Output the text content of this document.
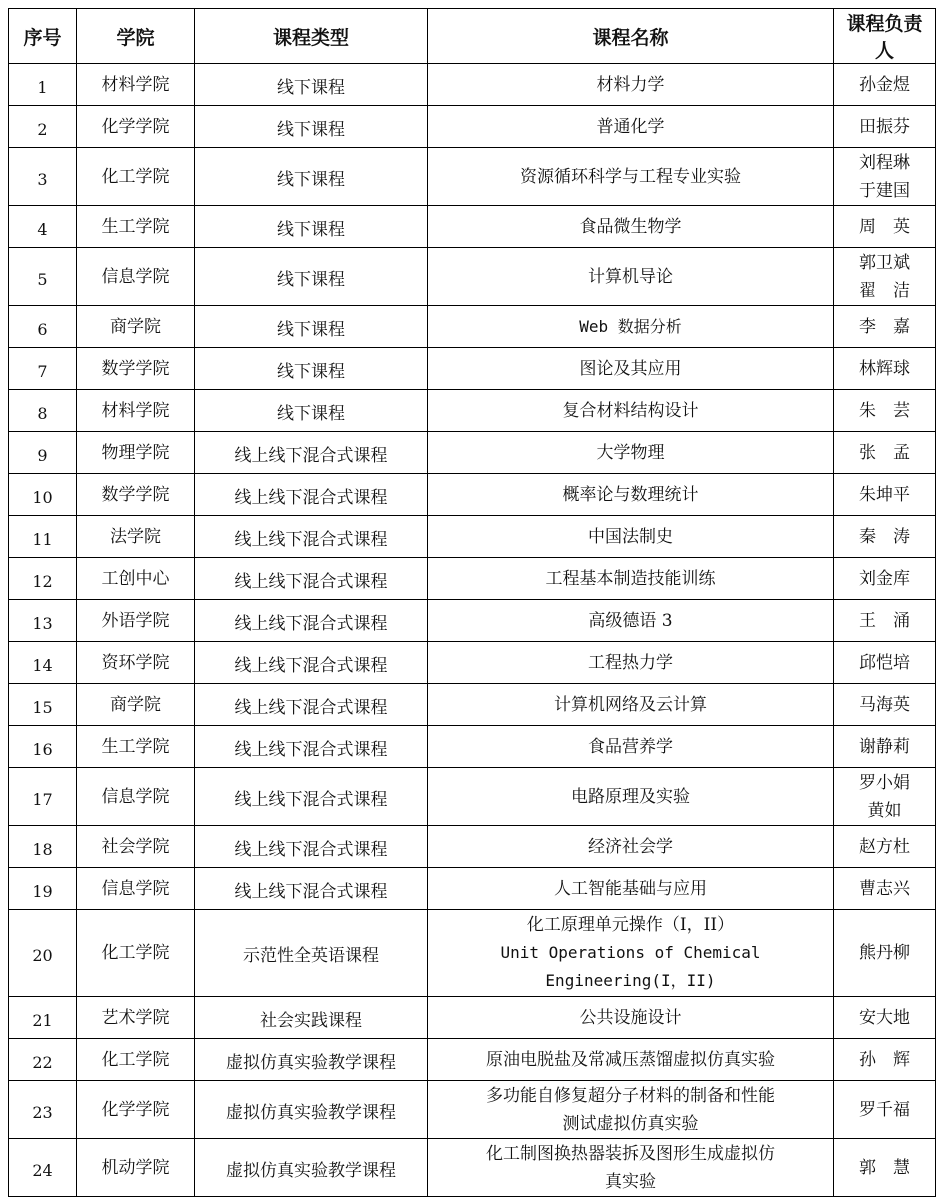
序号	学院	课程类型	课程名称	课程负责人
1	材料学院	线下课程	材料力学	孙金煜

2	化学学院	线下课程	普通化学	田振芬

3	化工学院	线下课程	资源循环科学与工程专业实验	刘程琳
于建国

4	生工学院	线下课程	食品微生物学	周　英

5	信息学院	线下课程	计算机导论	郭卫斌
翟　洁

6	商学院	线下课程	Web 数据分析	李　嘉

7	数学学院	线下课程	图论及其应用	林辉球

8	材料学院	线下课程	复合材料结构设计	朱　芸

9	物理学院	线上线下混合式课程	大学物理	张　孟

10	数学学院	线上线下混合式课程	概率论与数理统计	朱坤平

11	法学院	线上线下混合式课程	中国法制史	秦　涛

12	工创中心	线上线下混合式课程	工程基本制造技能训练	刘金库

13	外语学院	线上线下混合式课程	高级德语 3	王　涌

14	资环学院	线上线下混合式课程	工程热力学	邱恺培

15	商学院	线上线下混合式课程	计算机网络及云计算	马海英

16	生工学院	线上线下混合式课程	食品营养学	谢静莉

17	信息学院	线上线下混合式课程	电路原理及实验	罗小娟
黄如

18	社会学院	线上线下混合式课程	经济社会学	赵方杜

19	信息学院	线上线下混合式课程	人工智能基础与应用	曹志兴

20	化工学院	示范性全英语课程	化工原理单元操作（I，II）
Unit Operations of Chemical
Engineering(I，II)	熊丹柳

21	艺术学院	社会实践课程	公共设施设计	安大地

22	化工学院	虚拟仿真实验教学课程	原油电脱盐及常减压蒸馏虚拟仿真实验	孙　辉

23	化学学院	虚拟仿真实验教学课程	多功能自修复超分子材料的制备和性能
测试虚拟仿真实验	罗千福

24	机动学院	虚拟仿真实验教学课程	化工制图换热器装拆及图形生成虚拟仿
真实验	郭　慧
